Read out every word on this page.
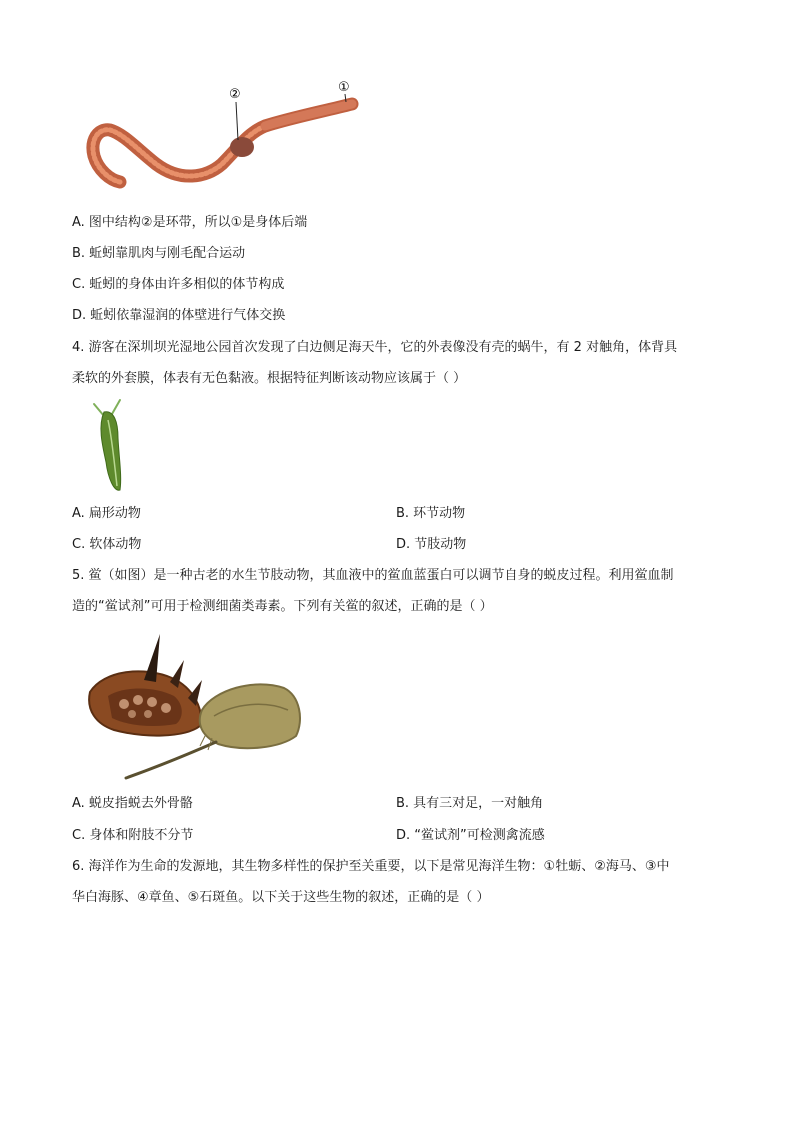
②	①
A. 图中结构②是环带，所以①是身体后端
B. 蚯蚓靠肌肉与刚毛配合运动
C. 蚯蚓的身体由许多相似的体节构成
D. 蚯蚓依靠湿润的体壁进行气体交换
4. 游客在深圳坝光湿地公园首次发现了白边侧足海天牛，它的外表像没有壳的蜗牛，有 2 对触角，体背具
柔软的外套膜，体表有无色黏液。根据特征判断该动物应该属于（ ）
A. 扁形动物	B. 环节动物
C. 软体动物	D. 节肢动物
5. 鲎（如图）是一种古老的水生节肢动物，其血液中的鲎血蓝蛋白可以调节自身的蜕皮过程。利用鲎血制
造的“鲎试剂”可用于检测细菌类毒素。下列有关鲎的叙述，正确的是（ ）
A. 蜕皮指蜕去外骨骼	B. 具有三对足，一对触角
C. 身体和附肢不分节	D. “鲎试剂”可检测禽流感
6. 海洋作为生命的发源地，其生物多样性的保护至关重要，以下是常见海洋生物：①牡蛎、②海马、③中
华白海豚、④章鱼、⑤石斑鱼。以下关于这些生物的叙述，正确的是（ ）
